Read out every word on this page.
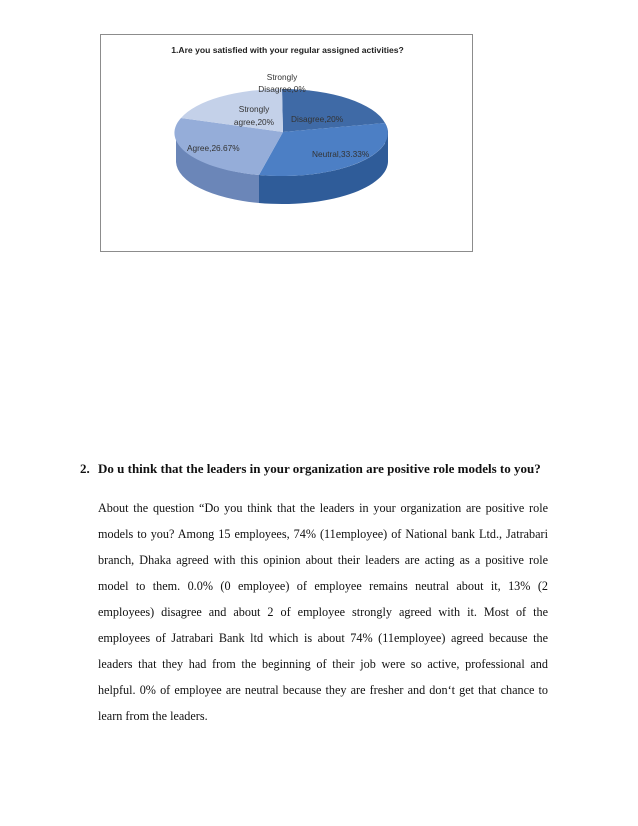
1.Are you satisfied with your regular assigned activities?
Strongly
Disagree,0%
Strongly
agree,20% Disagree,20%
Neutral,33.33%
Agree,26.67%
2. Do u think that the leaders in your organization are positive role models to you?

About the question “Do you think that the leaders in your organization are positive role models to you? Among 15 employees, 74% (11employee) of National bank Ltd., Jatrabari branch, Dhaka agreed with this opinion about their leaders are acting as a positive role model to them. 0.0% (0 employee) of employee remains neutral about it, 13% (2 employees) disagree and about 2 of employee strongly agreed with it. Most of the employees of Jatrabari Bank ltd which is about 74% (11employee) agreed because the leaders that they had from the beginning of their job were so active, professional and helpful. 0% of employee are neutral because they are fresher and don‘t get that chance to learn from the leaders.
